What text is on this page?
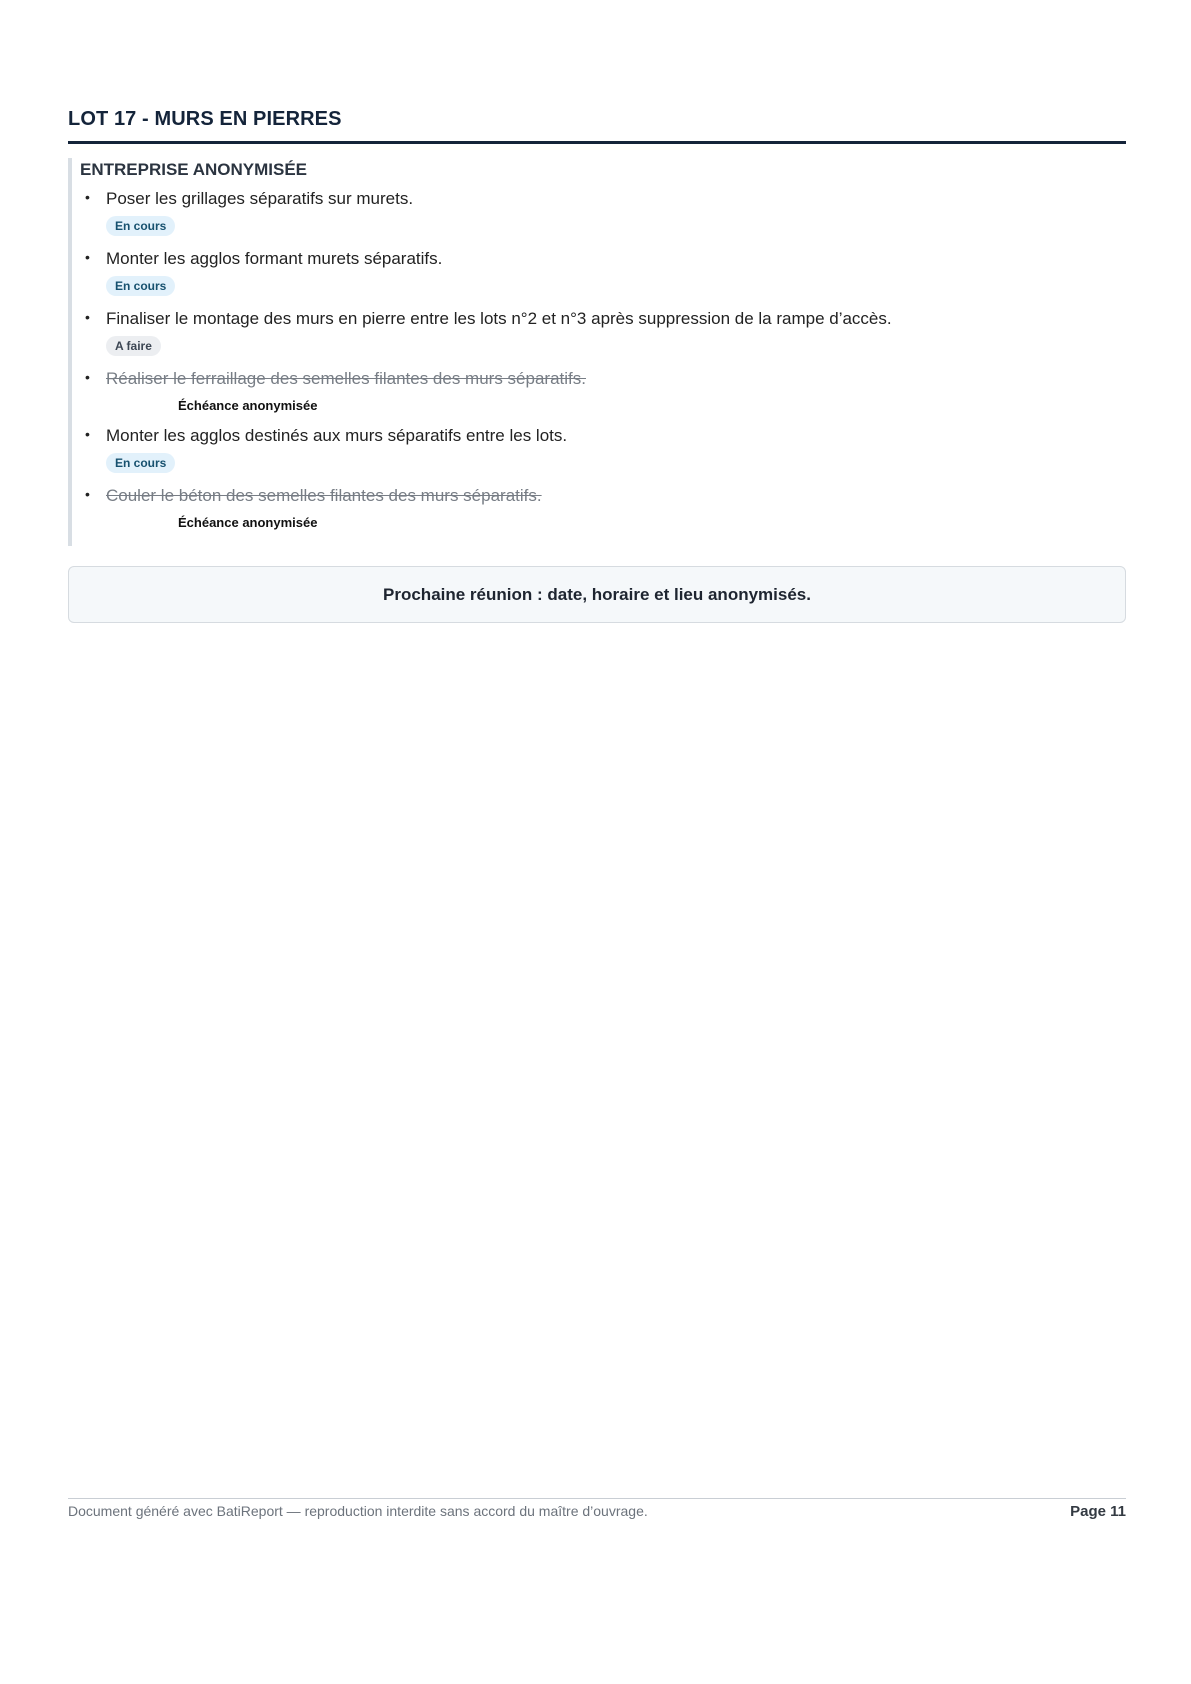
LOT 17 - MURS EN PIERRES
ENTREPRISE ANONYMISÉE
• Poser les grillages séparatifs sur murets.
En cours
• Monter les agglos formant murets séparatifs.
En cours
• Finaliser le montage des murs en pierre entre les lots n°2 et n°3 après suppression de la rampe d’accès.
A faire
• Réaliser le ferraillage des semelles filantes des murs séparatifs.
Échéance anonymisée
• Monter les agglos destinés aux murs séparatifs entre les lots.
En cours
• Couler le béton des semelles filantes des murs séparatifs.
Échéance anonymisée
Prochaine réunion : date, horaire et lieu anonymisés.
Document généré avec BatiReport — reproduction interdite sans accord du maître d’ouvrage.	Page 11
